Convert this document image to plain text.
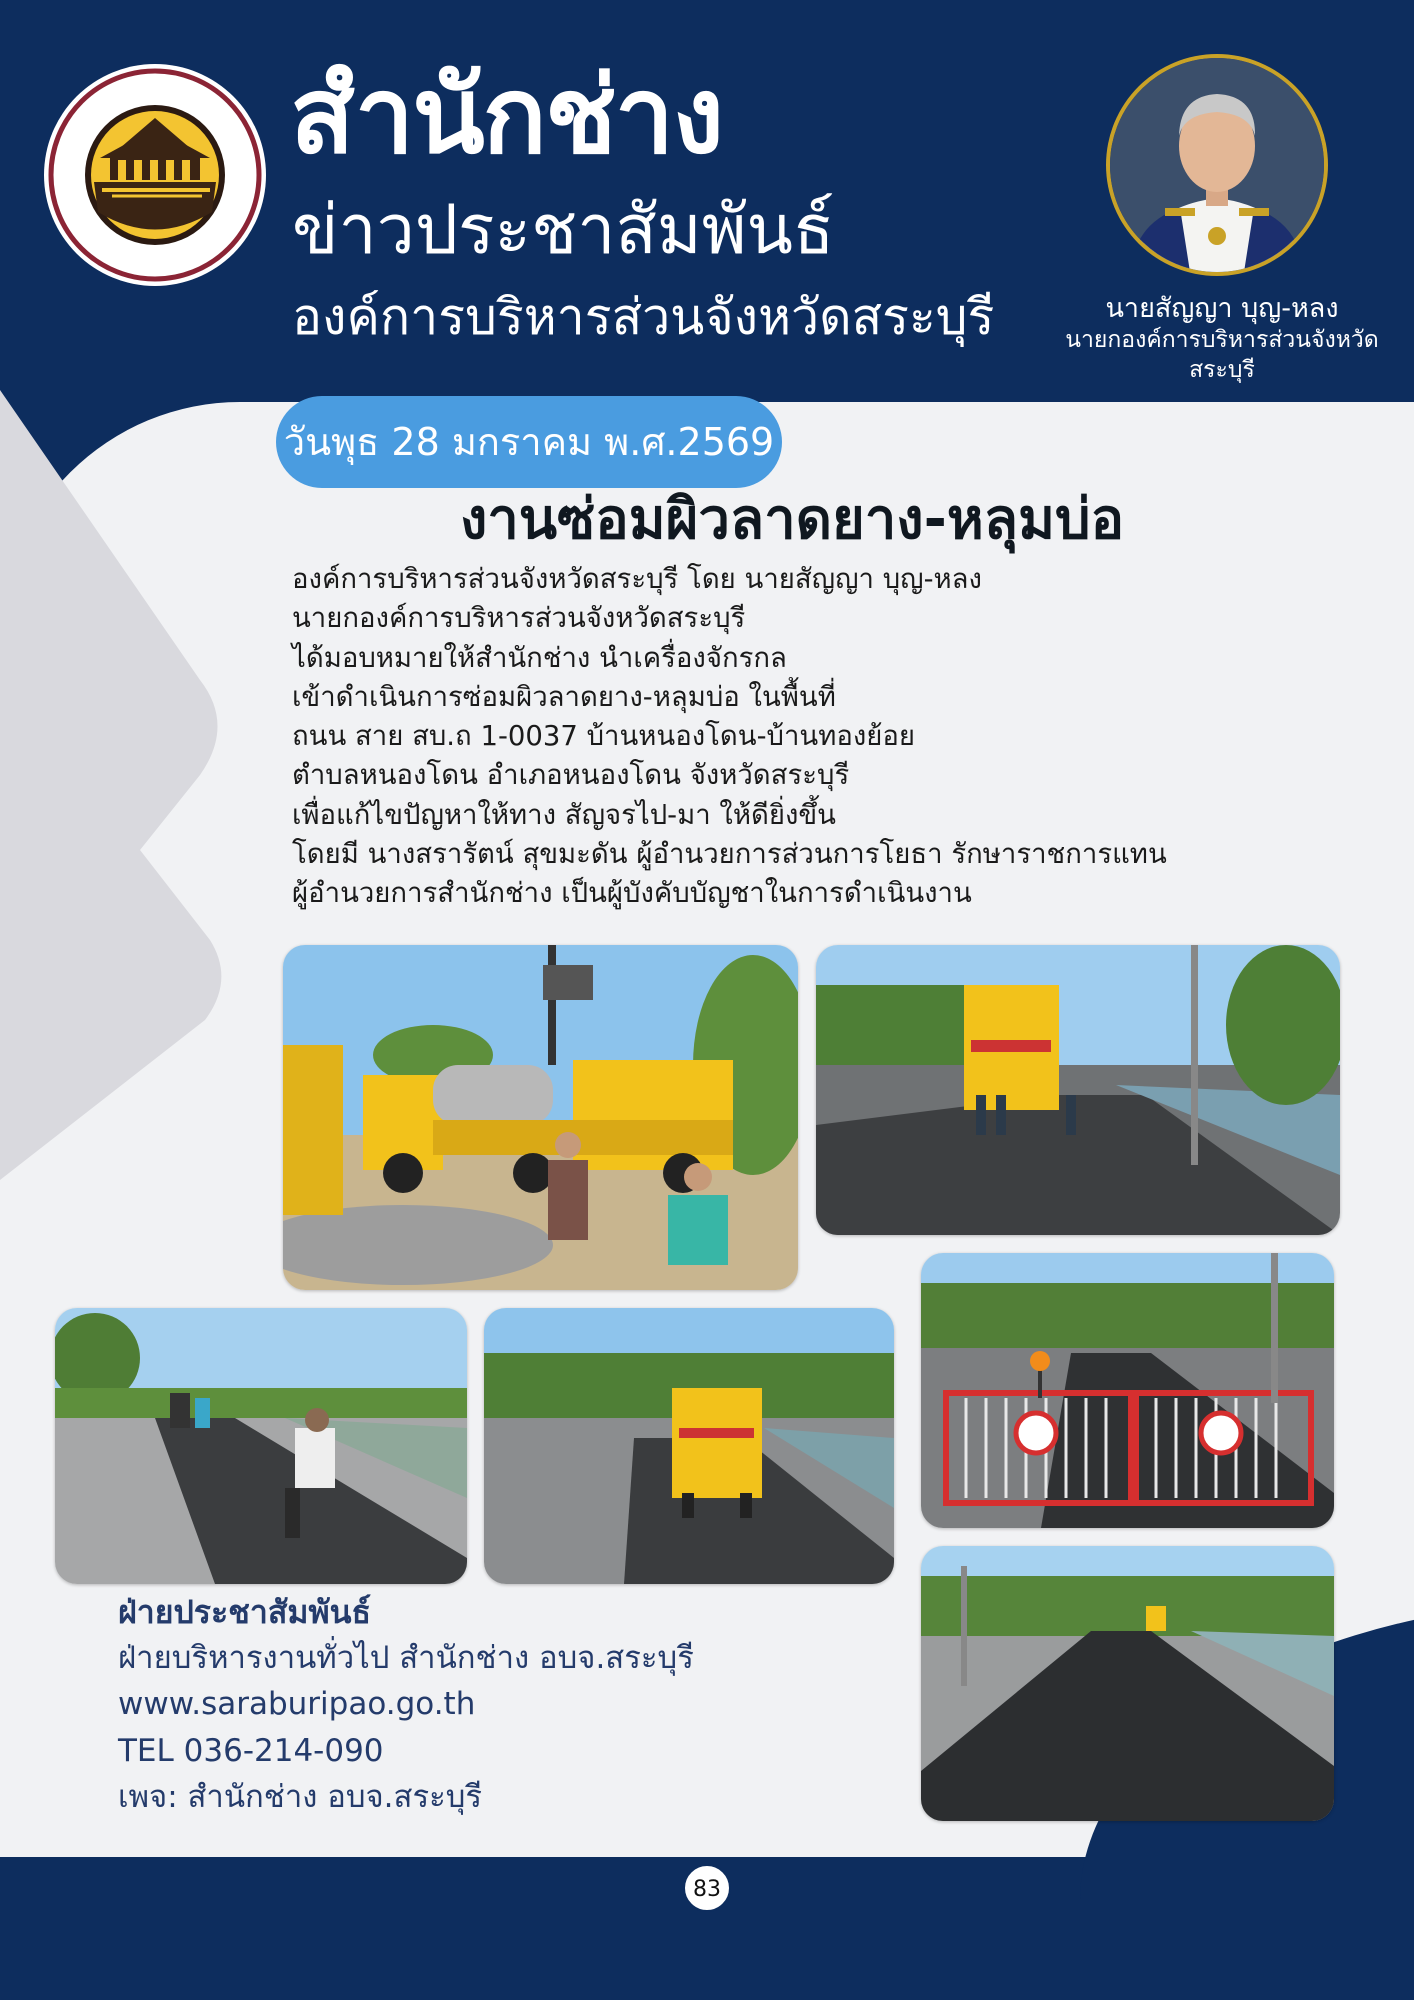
สำนักช่าง
ข่าวประชาสัมพันธ์
องค์การบริหารส่วนจังหวัดสระบุรี	นายสัญญา บุญ-หลง
นายกองค์การบริหารส่วนจังหวัด
สระบุรี
วันพุธ 28 มกราคม พ.ศ.2569
งานซ่อมผิวลาดยาง-หลุมบ่อ
องค์การบริหารส่วนจังหวัดสระบุรี โดย นายสัญญา บุญ-หลง
นายกองค์การบริหารส่วนจังหวัดสระบุรี
ได้มอบหมายให้สำนักช่าง นำเครื่องจักรกล
เข้าดำเนินการซ่อมผิวลาดยาง-หลุมบ่อ ในพื้นที่
ถนน สาย สบ.ถ 1-0037 บ้านหนองโดน-บ้านทองย้อย
ตำบลหนองโดน อำเภอหนองโดน จังหวัดสระบุรี
เพื่อแก้ไขปัญหาให้ทาง สัญจรไป-มา ให้ดียิ่งขึ้น
โดยมี นางสรารัตน์ สุขมะดัน ผู้อำนวยการส่วนการโยธา รักษาราชการแทน
ผู้อำนวยการสำนักช่าง เป็นผู้บังคับบัญชาในการดำเนินงาน
ฝ่ายประชาสัมพันธ์
ฝ่ายบริหารงานทั่วไป สำนักช่าง อบจ.สระบุรี
www.saraburipao.go.th
TEL 036-214-090
เพจ: สำนักช่าง อบจ.สระบุรี
83
